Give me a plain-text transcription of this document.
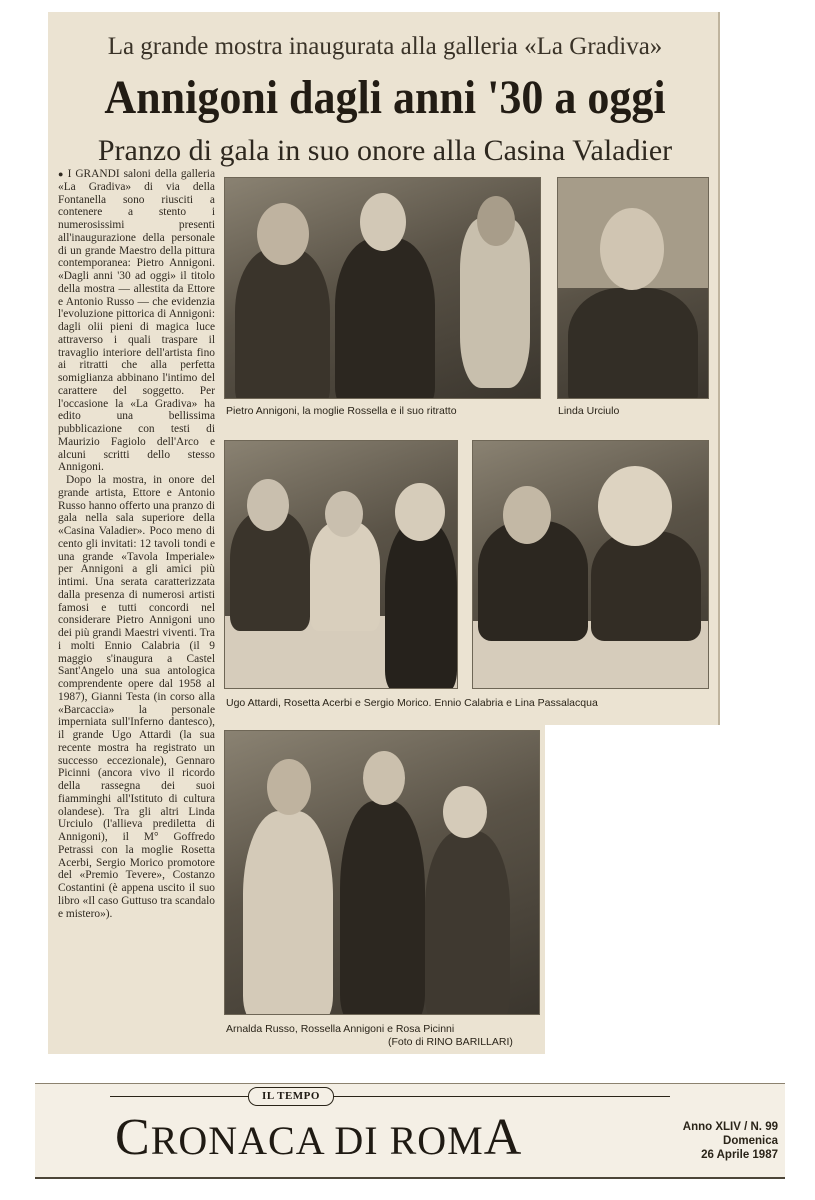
La grande mostra inaugurata alla galleria «La Gradiva»
Annigoni dagli anni '30 a oggi
Pranzo di gala in suo onore alla Casina Valadier

● I GRANDI saloni della galleria «La Gradiva» di via della Fontanella sono riusciti a contenere a stento i numerosissimi presenti all'inaugurazione della personale di un grande Maestro della pittura contemporanea: Pietro Annigoni. «Dagli anni '30 ad oggi» il titolo della mostra — allestita da Ettore e Antonio Russo — che evidenzia l'evoluzione pittorica di Annigoni: dagli olii pieni di magica luce attraverso i quali traspare il travaglio interiore dell'artista fino ai ritratti che alla perfetta somiglianza abbinano l'intimo del carattere del soggetto. Per l'occasione la «La Gradiva» ha edito una bellissima pubblicazione con testi di Maurizio Fagiolo dell'Arco e alcuni scritti dello stesso Annigoni.

Dopo la mostra, in onore del grande artista, Ettore e Antonio Russo hanno offerto una pranzo di gala nella sala superiore della «Casina Valadier». Poco meno di cento gli invitati: 12 tavoli tondi e una grande «Tavola Imperiale» per Annigoni a gli amici più intimi. Una serata caratterizzata dalla presenza di numerosi artisti famosi e tutti concordi nel considerare Pietro Annigoni uno dei più grandi Maestri viventi. Tra i molti Ennio Calabria (il 9 maggio s'inaugura a Castel Sant'Angelo una sua antologica comprendente opere dal 1958 al 1987), Gianni Testa (in corso alla «Barcaccia» la personale imperniata sull'Inferno dantesco), il grande Ugo Attardi (la sua recente mostra ha registrato un successo eccezionale), Gennaro Picinni (ancora vivo il ricordo della rassegna dei suoi fiamminghi all'Istituto di cultura olandese). Tra gli altri Linda Urciulo (l'allieva prediletta di Annigoni), il M° Goffredo Petrassi con la moglie Rosetta Acerbi, Sergio Morico promotore del «Premio Tevere», Costanzo Costantini (è appena uscito il suo libro «Il caso Guttuso tra scandalo e mistero»).

Pietro Annigoni, la moglie Rossella e il suo ritratto	Linda Urciulo
Ugo Attardi, Rosetta Acerbi e Sergio Morico. Ennio Calabria e Lina Passalacqua
Arnalda Russo, Rossella Annigoni e Rosa Picinni
(Foto di RINO BARILLARI)
IL TEMPO
CRONACA DI ROMA	Anno XLIV / N. 99
Domenica
26 Aprile 1987
